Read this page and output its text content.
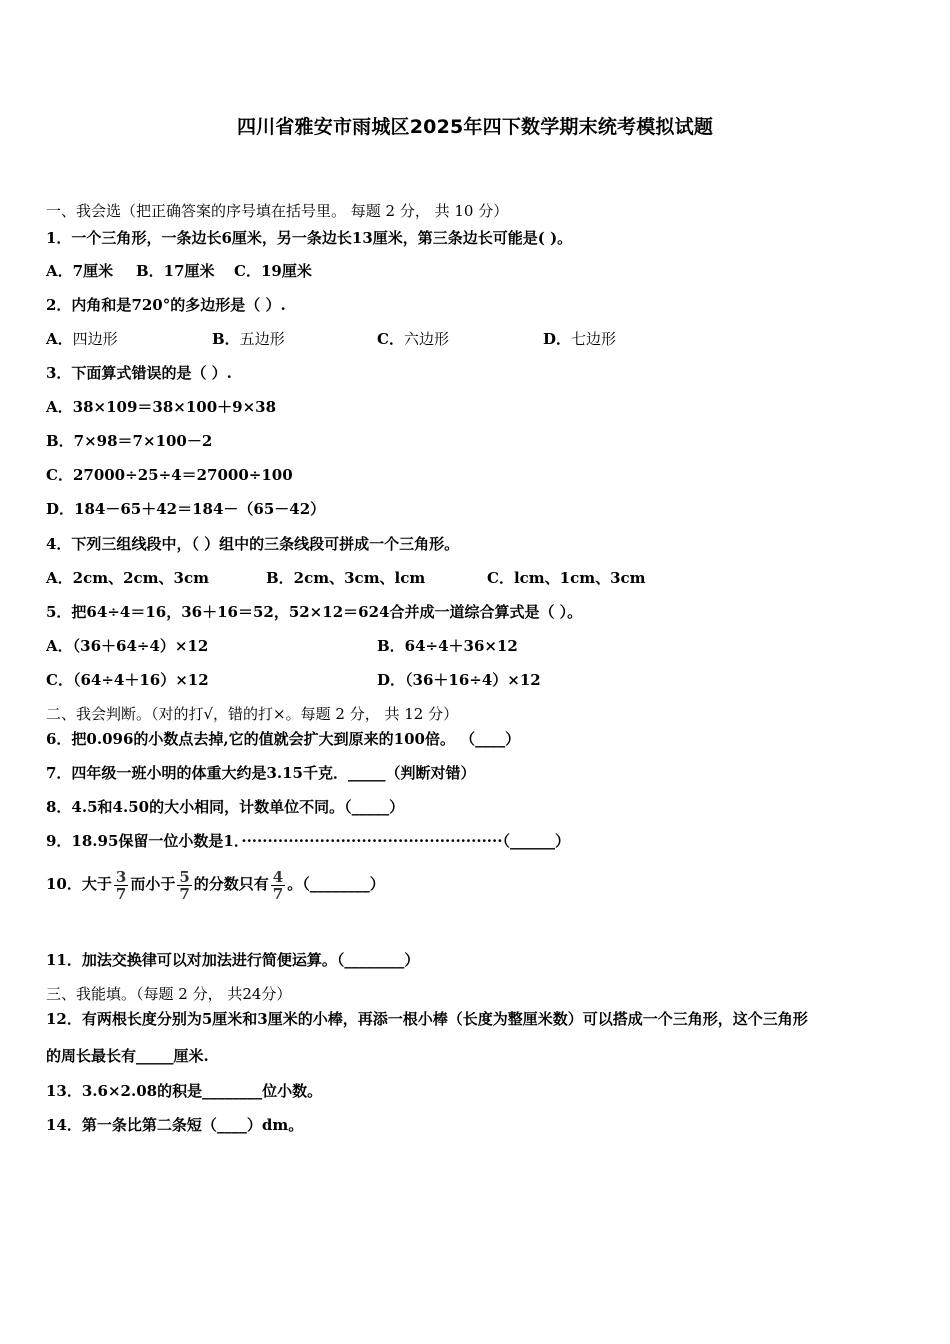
四川省雅安市雨城区2025年四下数学期末统考模拟试题
一、我会选（把正确答案的序号填在括号里。 每题 2 分， 共 10 分）
1．一个三角形，一条边长6厘米，另一条边长13厘米，第三条边长可能是( )。
A．7厘米 B．17厘米 C．19厘米
2．内角和是720°的多边形是（ ）.
A．四边形	B．五边形	C．六边形	D．七边形
3．下面算式错误的是（ ）.
A．38×109＝38×100＋9×38
B．7×98＝7×100－2
C．27000÷25÷4＝27000÷100
D．184－65＋42＝184－（65－42）
4．下列三组线段中，（ ）组中的三条线段可拼成一个三角形。
A．2cm、2cm、3cm	B．2cm、3cm、lcm	C．lcm、1cm、3cm
5．把64÷4＝16，36＋16＝52，52×12＝624合并成一道综合算式是（ ）。
A．（36＋64÷4）×12	B．64÷4＋36×12
C．（64÷4＋16）×12	D．（36＋16÷4）×12
二、我会判断。（对的打√，错的打×。每题 2 分， 共 12 分）
6．把0.096的小数点去掉,它的值就会扩大到原来的100倍。 （____）
7．四年级一班小明的体重大约是3.15千克．_____（判断对错）
8．4.5和4.50的大小相同，计数单位不同。（_____）
9．18.95保留一位小数是1．··················································（______）
10．大于 $\frac{3}{7}$ 而小于 $\frac{5}{7}$ 的分数只有 $\frac{4}{7}$ 。（________）
11．加法交换律可以对加法进行简便运算。（________）
三、我能填。（每题 2 分， 共24分）
12．有两根长度分别为5厘米和3厘米的小棒，再添一根小棒（长度为整厘米数）可以搭成一个三角形，这个三角形
的周长最长有_____厘米.
13．3.6×2.08的积是________位小数。
14．第一条比第二条短（____）dm。
